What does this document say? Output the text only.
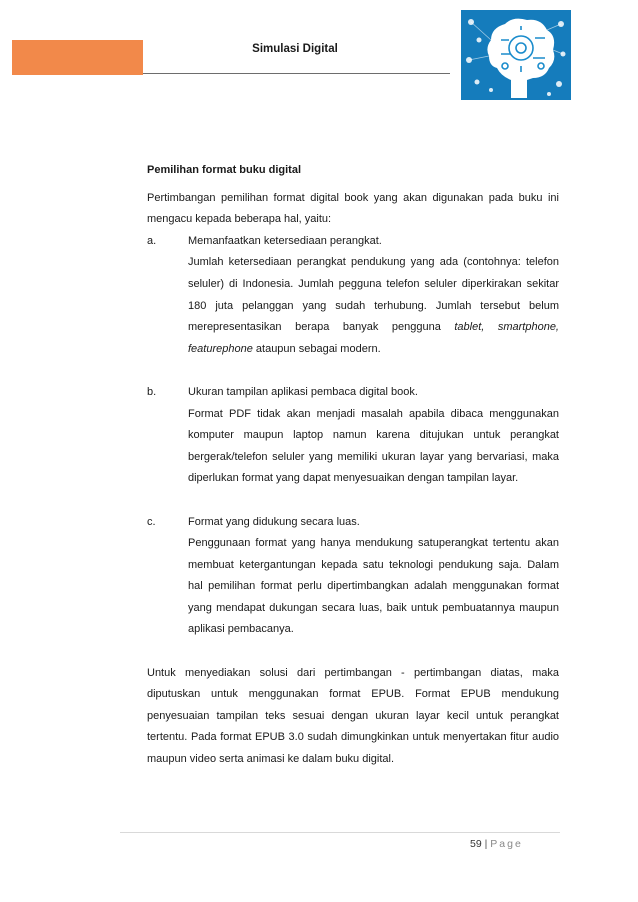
Simulasi Digital

Pemilihan format buku digital

Pertimbangan pemilihan format digital book yang akan digunakan pada buku ini mengacu kepada beberapa hal, yaitu:

a.	Memanfaatkan ketersediaan perangkat.

Jumlah ketersediaan perangkat pendukung yang ada (contohnya: telefon seluler) di Indonesia. Jumlah pegguna telefon seluler diperkirakan sekitar 180 juta pelanggan yang sudah terhubung. Jumlah tersebut belum merepresentasikan berapa banyak pengguna tablet, smartphone, featurephone ataupun sebagai modern.

b.	Ukuran tampilan aplikasi pembaca digital book.

Format PDF tidak akan menjadi masalah apabila dibaca menggunakan komputer maupun laptop namun karena ditujukan untuk perangkat bergerak/telefon seluler yang memiliki ukuran layar yang bervariasi, maka diperlukan format yang dapat menyesuaikan dengan tampilan layar.

c.	Format yang didukung secara luas.

Penggunaan format yang hanya mendukung satuperangkat tertentu akan membuat ketergantungan kepada satu teknologi pendukung saja. Dalam hal pemilihan format perlu dipertimbangkan adalah menggunakan format yang mendapat dukungan secara luas, baik untuk pembuatannya maupun aplikasi pembacanya.

Untuk menyediakan solusi dari pertimbangan - pertimbangan diatas, maka diputuskan untuk menggunakan format EPUB. Format EPUB mendukung penyesuaian tampilan teks sesuai dengan ukuran layar kecil untuk perangkat tertentu. Pada format EPUB 3.0 sudah dimungkinkan untuk menyertakan fitur audio maupun video serta animasi ke dalam buku digital.

59 | Page
